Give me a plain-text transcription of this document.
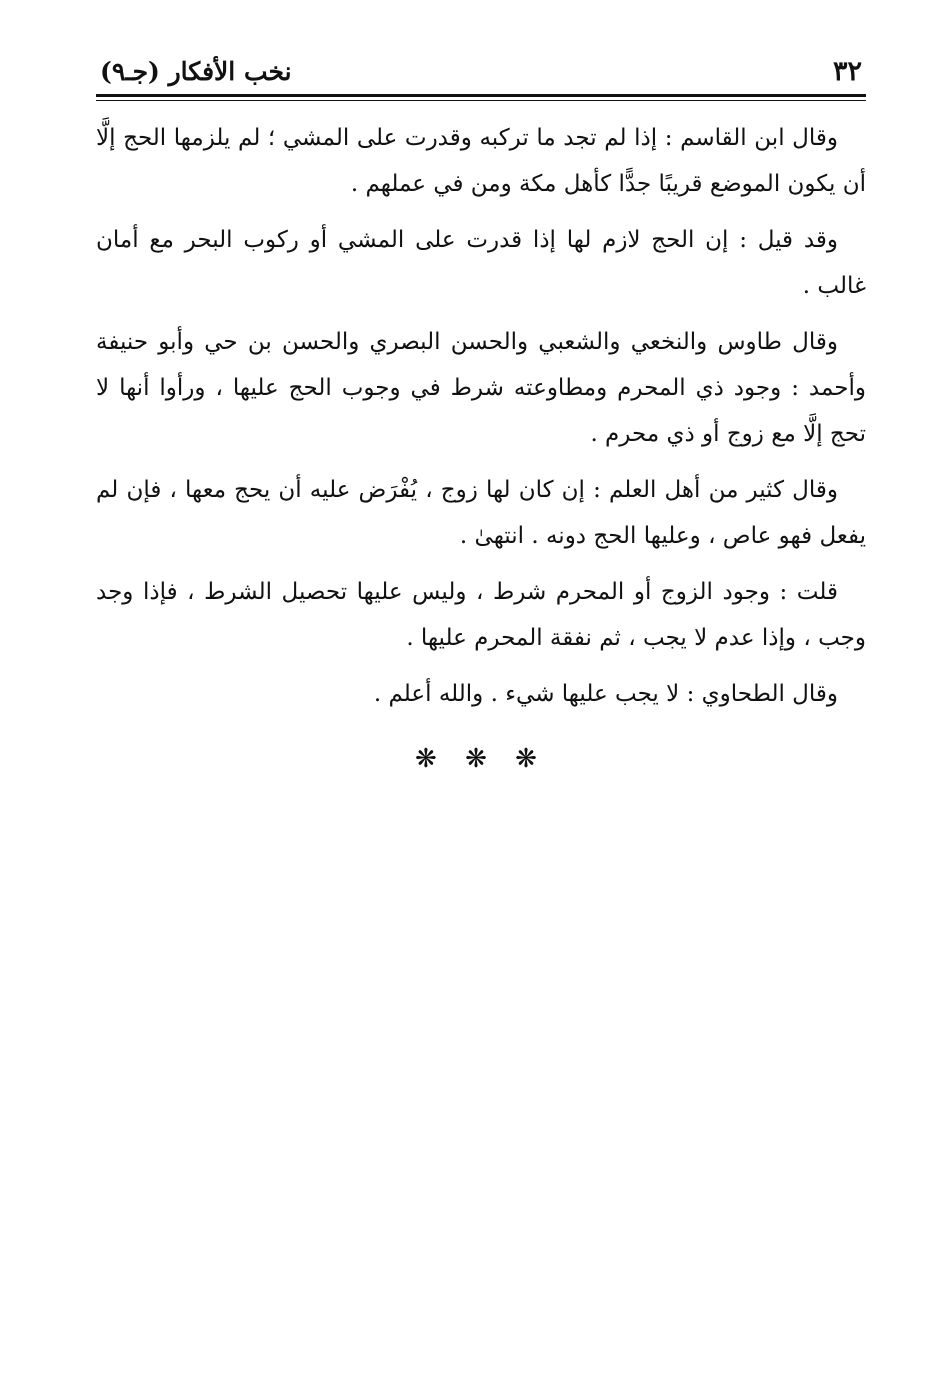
٣٢
نخب الأفكار (جـ٩)

وقال ابن القاسم : إذا لم تجد ما تركبه وقدرت على المشي ؛ لم يلزمها الحج إلَّا أن يكون الموضع قريبًا جدًّا كأهل مكة ومن في عملهم .

وقد قيل : إن الحج لازم لها إذا قدرت على المشي أو ركوب البحر مع أمان غالب .

وقال طاوس والنخعي والشعبي والحسن البصري والحسن بن حي وأبو حنيفة وأحمد : وجود ذي المحرم ومطاوعته شرط في وجوب الحج عليها ، ورأوا أنها لا تحج إلَّا مع زوج أو ذي محرم .

وقال كثير من أهل العلم : إن كان لها زوج ، يُفْرَض عليه أن يحج معها ، فإن لم يفعل فهو عاص ، وعليها الحج دونه . انتهىٰ .

قلت : وجود الزوج أو المحرم شرط ، وليس عليها تحصيل الشرط ، فإذا وجد وجب ، وإذا عدم لا يجب ، ثم نفقة المحرم عليها .

وقال الطحاوي : لا يجب عليها شيء . والله أعلم .

❋ ❋ ❋
